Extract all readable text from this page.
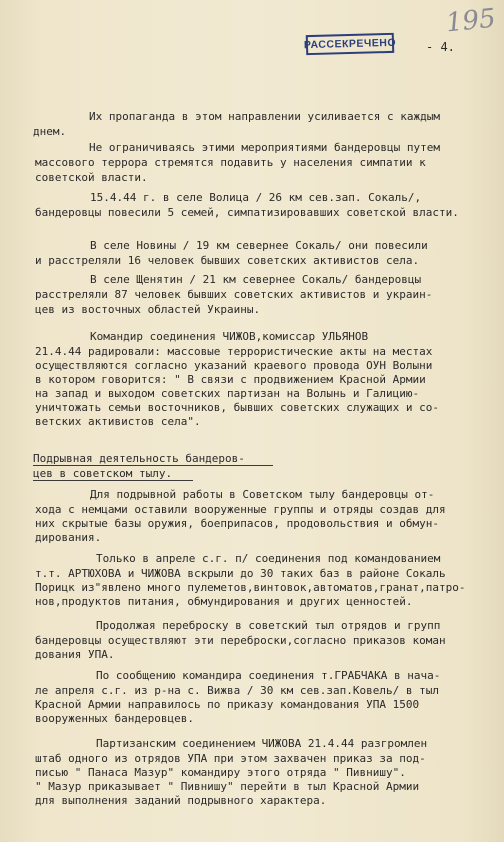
195
РАССЕКРЕЧЕНО - 4.
Их пропаганда в этом направлении усиливается с каждым
днем.
Не ограничиваясь этими мероприятиями бандеровцы путем
массового террора стремятся подавить у населения симпатии к
советской власти.
15.4.44 г. в селе Волица / 26 км сев.зап. Сокаль/,
бандеровцы повесили 5 семей, симпатизировавших советской власти.
В селе Новины / 19 км севернее Сокаль/ они повесили
и расстреляли 16 человек бывших советских активистов села.
В селе Щенятин / 21 км севернее Сокаль/ бандеровцы
расстреляли 87 человек бывших советских активистов и украин-
цев из восточных областей Украины.
Командир соединения ЧИЖОВ,комиссар УЛЬЯНОВ
21.4.44 радировали: массовые террористические акты на местах
осуществляются согласно указаний краевого провода ОУН Волыни
в котором говорится: " В связи с продвижением Красной Армии
на запад и выходом советских партизан на Волынь и Галицию-
уничтожать семьи восточников, бывших советских служащих и со-
ветских активистов села".
Подрывная деятельность бандеров-
цев в советском тылу.
Для подрывной работы в Советском тылу бандеровцы от-
хода с немцами оставили вооруженные группы и отряды создав для
них скрытые базы оружия, боеприпасов, продовольствия и обмун-
дирования.
Только в апреле с.г. п/ соединения под командованием
т.т. АРТЮХОВА и ЧИЖОВА вскрыли до 30 таких баз в районе Сокаль
Порицк из"явлено много пулеметов,винтовок,автоматов,гранат,патро-
нов,продуктов питания, обмундирования и других ценностей.
Продолжая переброску в советский тыл отрядов и групп
бандеровцы осуществляют эти переброски,согласно приказов коман
дования УПА.
По сообщению командира соединения т.ГРАБЧАКА в нача-
ле апреля с.г. из р-на с. Вижва / 30 км сев.зап.Ковель/ в тыл
Красной Армии направилось по приказу командования УПА 1500
вооруженных бандеровцев.
Партизанским соединением ЧИЖОВА 21.4.44 разгромлен
штаб одного из отрядов УПА при этом захвачен приказ за под-
писью " Панаса Мазур" командиру этого отряда " Пивнишу".
" Мазур приказывает " Пивнишу" перейти в тыл Красной Армии
для выполнения заданий подрывного характера.
